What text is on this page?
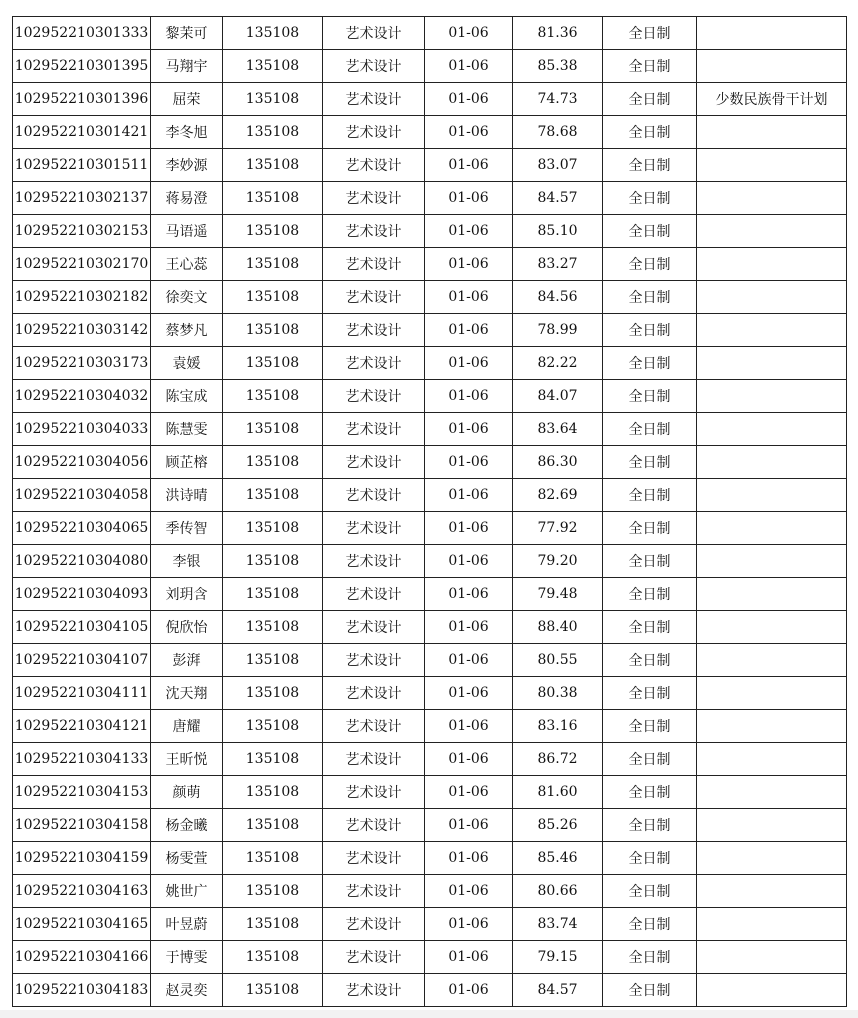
102952210301333	黎茉可	135108	艺术设计	01-06	81.36	全日制	
102952210301395	马翔宇	135108	艺术设计	01-06	85.38	全日制	
102952210301396	屈荣	135108	艺术设计	01-06	74.73	全日制	少数民族骨干计划
102952210301421	李冬旭	135108	艺术设计	01-06	78.68	全日制	
102952210301511	李妙源	135108	艺术设计	01-06	83.07	全日制	
102952210302137	蒋易澄	135108	艺术设计	01-06	84.57	全日制	
102952210302153	马语遥	135108	艺术设计	01-06	85.10	全日制	
102952210302170	王心蕊	135108	艺术设计	01-06	83.27	全日制	
102952210302182	徐奕文	135108	艺术设计	01-06	84.56	全日制	
102952210303142	蔡梦凡	135108	艺术设计	01-06	78.99	全日制	
102952210303173	袁媛	135108	艺术设计	01-06	82.22	全日制	
102952210304032	陈宝成	135108	艺术设计	01-06	84.07	全日制	
102952210304033	陈慧雯	135108	艺术设计	01-06	83.64	全日制	
102952210304056	顾芷榕	135108	艺术设计	01-06	86.30	全日制	
102952210304058	洪诗晴	135108	艺术设计	01-06	82.69	全日制	
102952210304065	季传智	135108	艺术设计	01-06	77.92	全日制	
102952210304080	李银	135108	艺术设计	01-06	79.20	全日制	
102952210304093	刘玥含	135108	艺术设计	01-06	79.48	全日制	
102952210304105	倪欣怡	135108	艺术设计	01-06	88.40	全日制	
102952210304107	彭湃	135108	艺术设计	01-06	80.55	全日制	
102952210304111	沈天翔	135108	艺术设计	01-06	80.38	全日制	
102952210304121	唐耀	135108	艺术设计	01-06	83.16	全日制	
102952210304133	王昕悦	135108	艺术设计	01-06	86.72	全日制	
102952210304153	颜萌	135108	艺术设计	01-06	81.60	全日制	
102952210304158	杨金曦	135108	艺术设计	01-06	85.26	全日制	
102952210304159	杨雯萱	135108	艺术设计	01-06	85.46	全日制	
102952210304163	姚世广	135108	艺术设计	01-06	80.66	全日制	
102952210304165	叶昱蔚	135108	艺术设计	01-06	83.74	全日制	
102952210304166	于博雯	135108	艺术设计	01-06	79.15	全日制	
102952210304183	赵灵奕	135108	艺术设计	01-06	84.57	全日制	
